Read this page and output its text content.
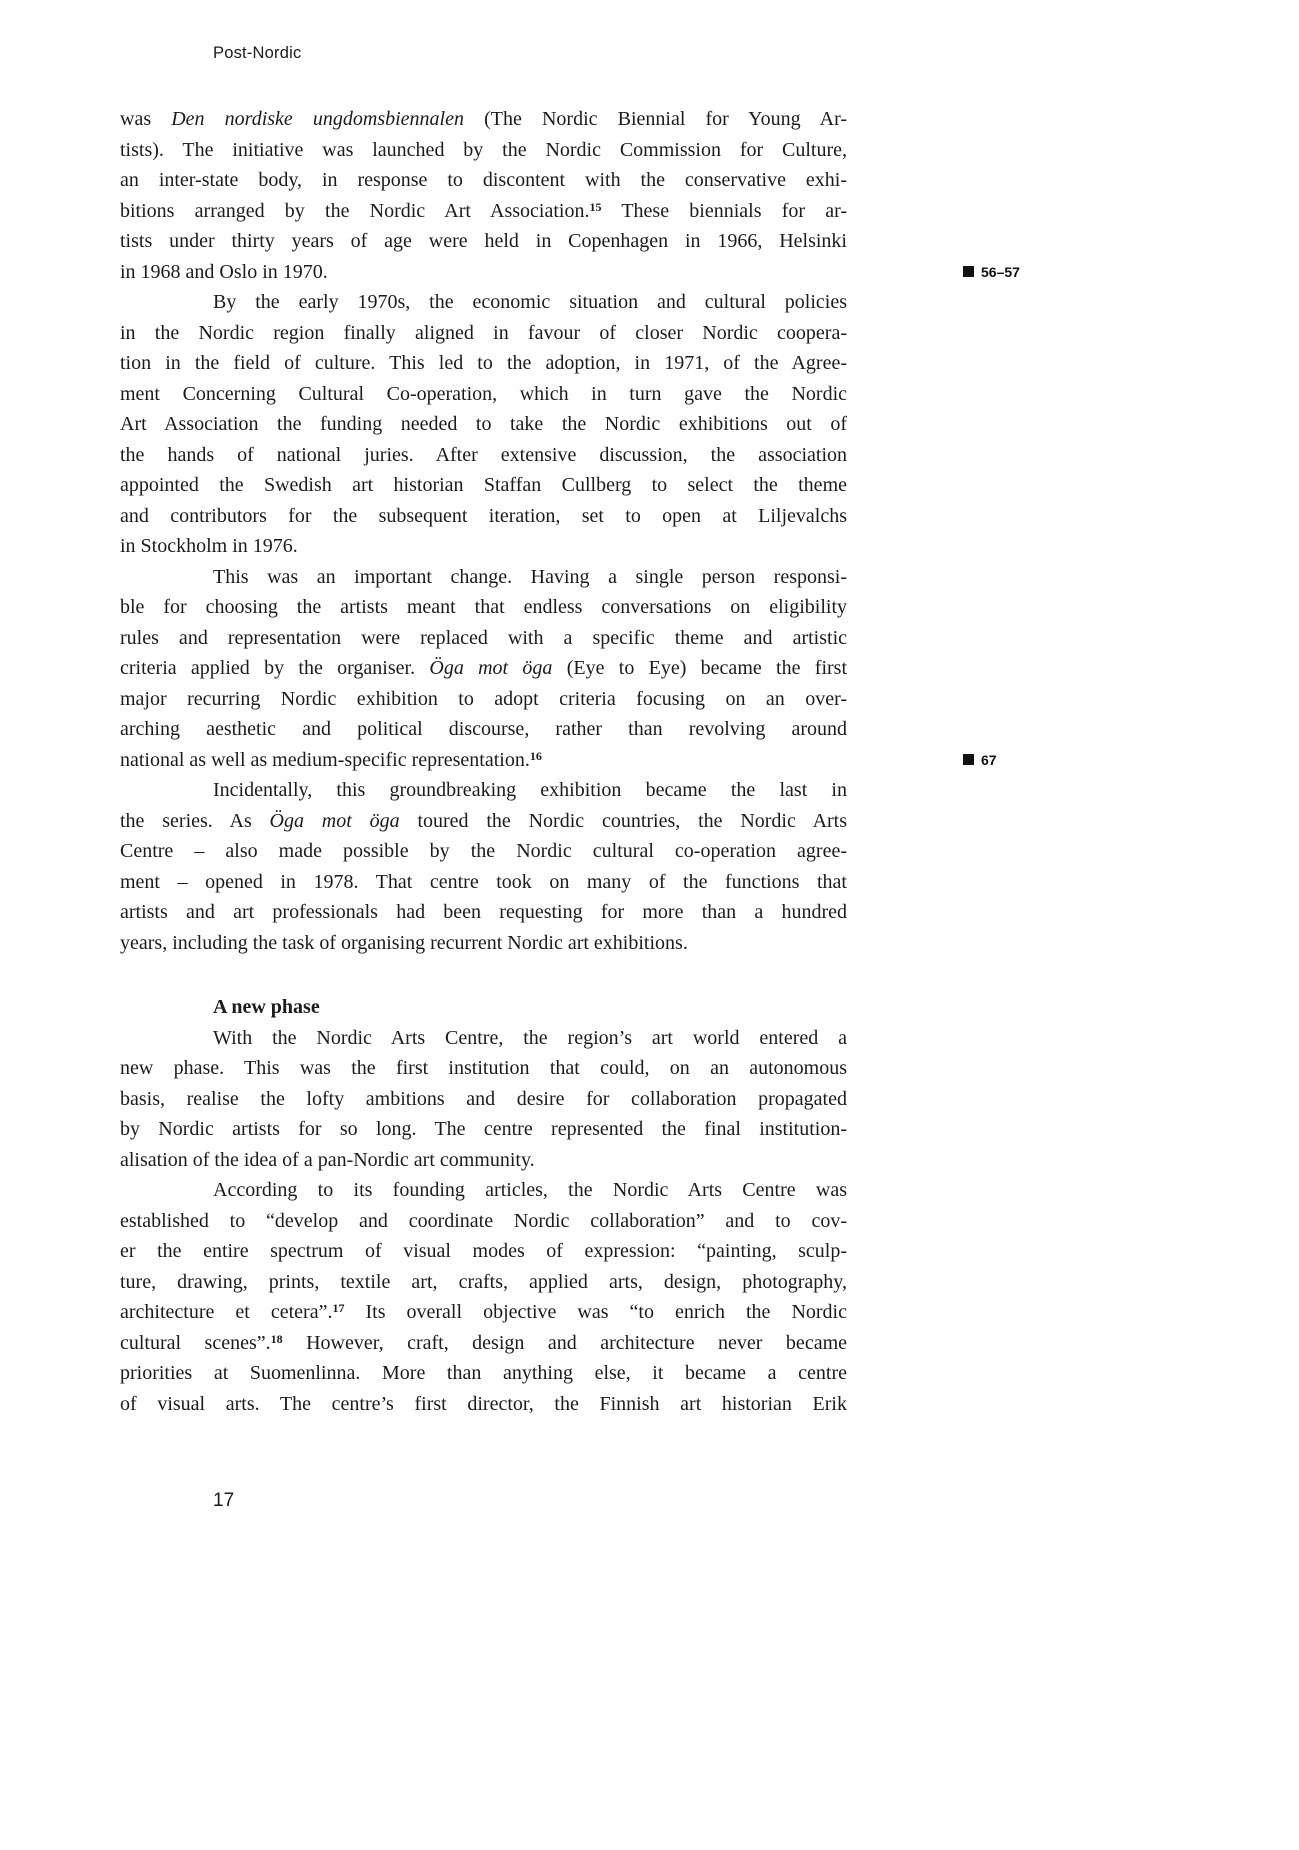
Post-Nordic
was Den nordiske ungdomsbiennalen (The Nordic Biennial for Young Ar-
tists). The initiative was launched by the Nordic Commission for Culture,
an inter-state body, in response to discontent with the conservative exhi-
bitions arranged by the Nordic Art Association.$^{15}$ These biennials for ar-
tists under thirty years of age were held in Copenhagen in 1966, Helsinki
in 1968 and Oslo in 1970.	56–57
By the early 1970s, the economic situation and cultural policies
in the Nordic region finally aligned in favour of closer Nordic coopera-
tion in the field of culture. This led to the adoption, in 1971, of the Agree-
ment Concerning Cultural Co-operation, which in turn gave the Nordic
Art Association the funding needed to take the Nordic exhibitions out of
the hands of national juries. After extensive discussion, the association
appointed the Swedish art historian Staffan Cullberg to select the theme
and contributors for the subsequent iteration, set to open at Liljevalchs
in Stockholm in 1976.
This was an important change. Having a single person responsi-
ble for choosing the artists meant that endless conversations on eligibility
rules and representation were replaced with a specific theme and artistic
criteria applied by the organiser. Öga mot öga (Eye to Eye) became the first
major recurring Nordic exhibition to adopt criteria focusing on an over-
arching aesthetic and political discourse, rather than revolving around
national as well as medium-specific representation.$^{16}$	67
Incidentally, this groundbreaking exhibition became the last in
the series. As Öga mot öga toured the Nordic countries, the Nordic Arts
Centre – also made possible by the Nordic cultural co-operation agree-
ment – opened in 1978. That centre took on many of the functions that
artists and art professionals had been requesting for more than a hundred
years, including the task of organising recurrent Nordic art exhibitions.
A new phase
With the Nordic Arts Centre, the region’s art world entered a
new phase. This was the first institution that could, on an autonomous
basis, realise the lofty ambitions and desire for collaboration propagated
by Nordic artists for so long. The centre represented the final institution-
alisation of the idea of a pan-Nordic art community.
According to its founding articles, the Nordic Arts Centre was
established to “develop and coordinate Nordic collaboration” and to cov-
er the entire spectrum of visual modes of expression: “painting, sculp-
ture, drawing, prints, textile art, crafts, applied arts, design, photography,
architecture et cetera”.$^{17}$ Its overall objective was “to enrich the Nordic
cultural scenes”.$^{18}$ However, craft, design and architecture never became
priorities at Suomenlinna. More than anything else, it became a centre
of visual arts. The centre’s first director, the Finnish art historian Erik
17
